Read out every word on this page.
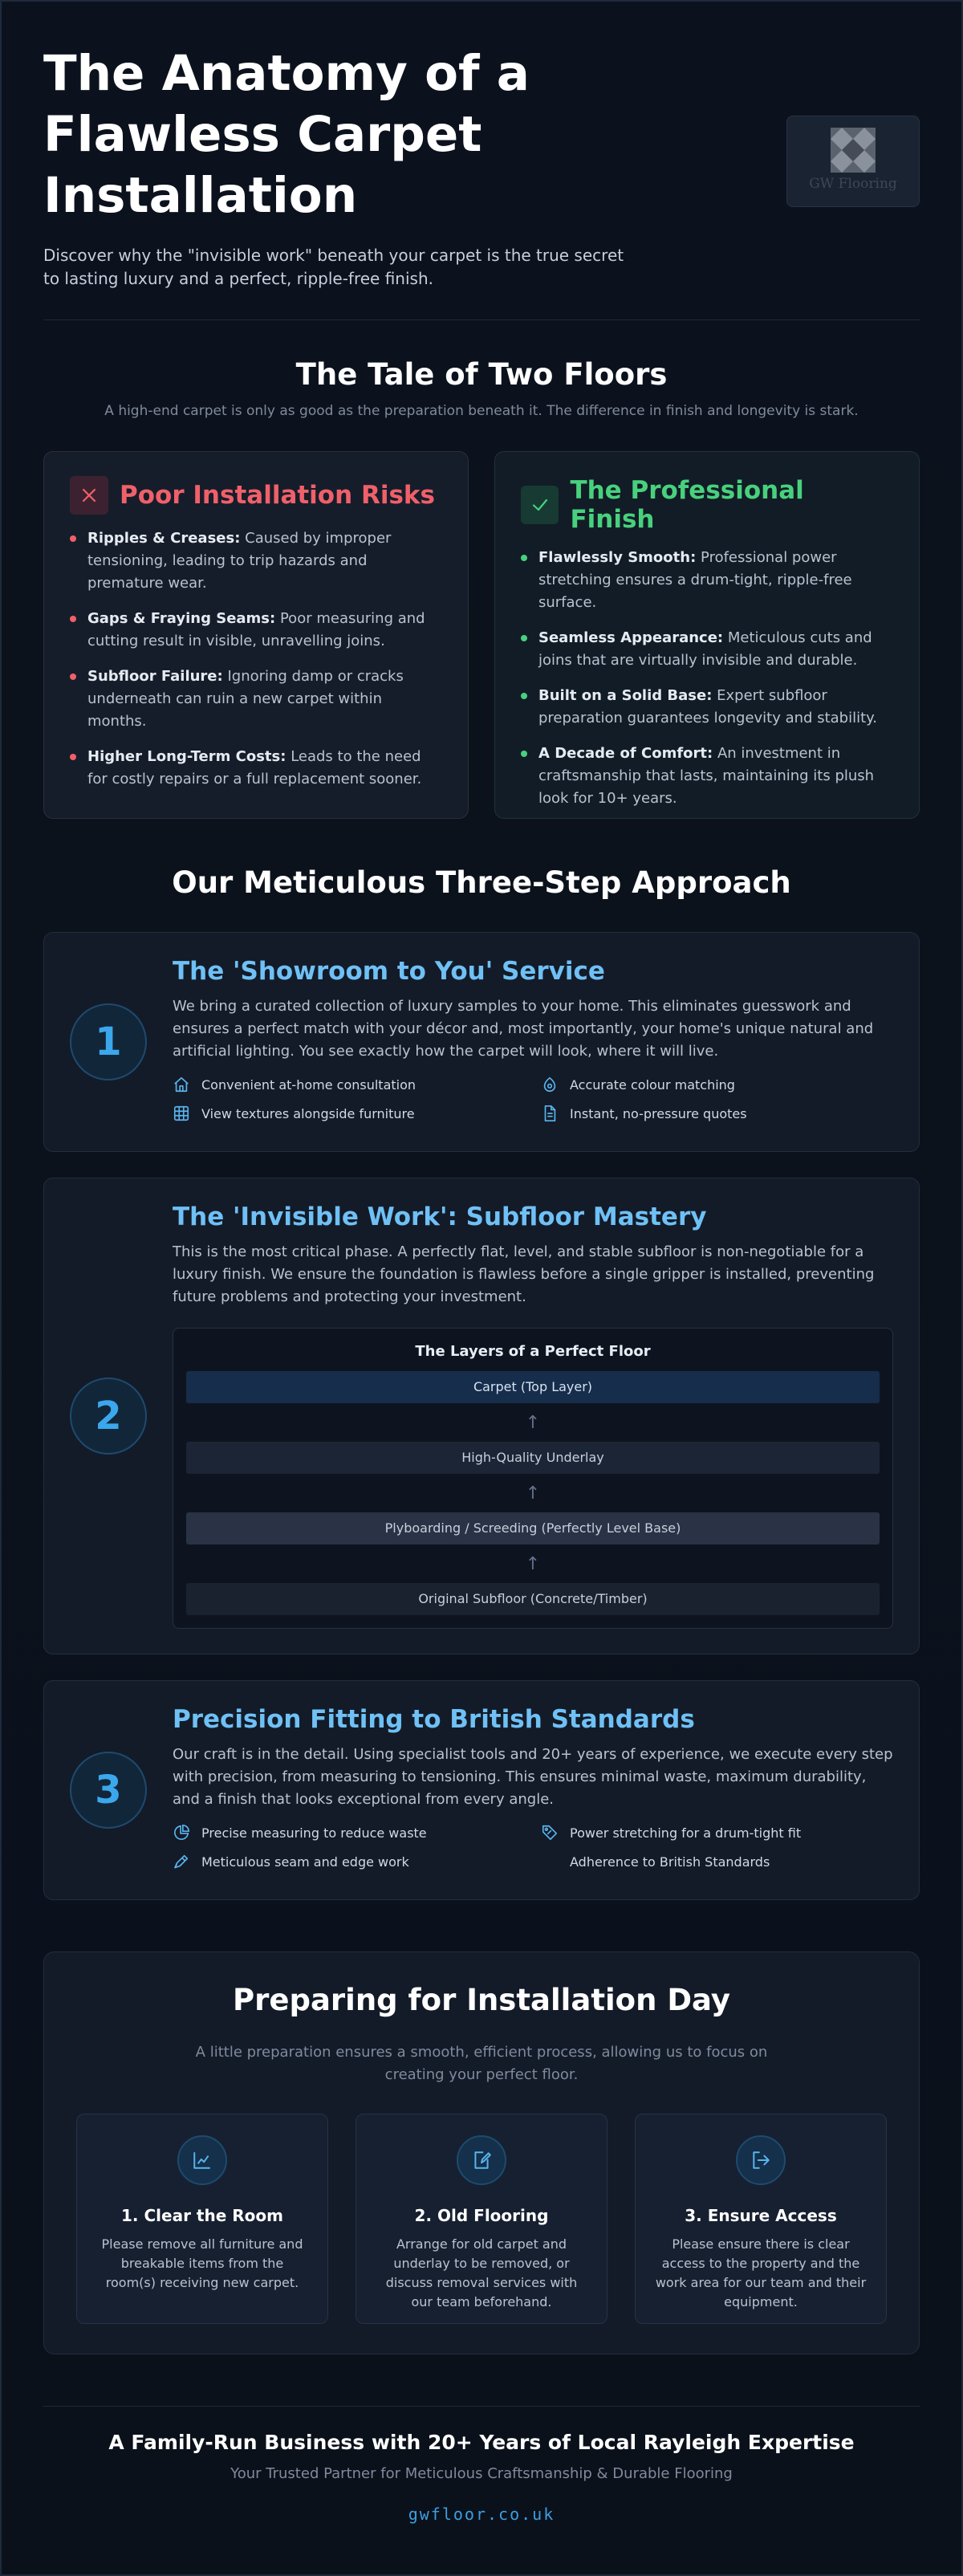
The Anatomy of a
Flawless Carpet
Installation

Discover why the "invisible work" beneath your carpet is the true secret to lasting luxury and a perfect, ripple-free finish.

GW Flooring
The Tale of Two Floors

A high-end carpet is only as good as the preparation beneath it. The difference in finish and longevity is stark.

Poor Installation Risks
Ripples & Creases: Caused by improper tensioning, leading to trip hazards and premature wear.
Gaps & Fraying Seams: Poor measuring and cutting result in visible, unravelling joins.
Subfloor Failure: Ignoring damp or cracks underneath can ruin a new carpet within months.
Higher Long-Term Costs: Leads to the need for costly repairs or a full replacement sooner.
The Professional Finish
Flawlessly Smooth: Professional power stretching ensures a drum-tight, ripple-free surface.
Seamless Appearance: Meticulous cuts and joins that are virtually invisible and durable.
Built on a Solid Base: Expert subfloor preparation guarantees longevity and stability.
A Decade of Comfort: An investment in craftsmanship that lasts, maintaining its plush look for 10+ years.
Our Meticulous Three-Step Approach
1
The 'Showroom to You' Service

We bring a curated collection of luxury samples to your home. This eliminates guesswork and ensures a perfect match with your décor and, most importantly, your home's unique natural and artificial lighting. You see exactly how the carpet will look, where it will live.

Convenient at-home consultation	Accurate colour matching
View textures alongside furniture	Instant, no-pressure quotes
2
The 'Invisible Work': Subfloor Mastery

This is the most critical phase. A perfectly flat, level, and stable subfloor is non-negotiable for a luxury finish. We ensure the foundation is flawless before a single gripper is installed, preventing future problems and protecting your investment.

The Layers of a Perfect Floor
Carpet (Top Layer)
↑
High-Quality Underlay
↑
Plyboarding / Screeding (Perfectly Level Base)
↑
Original Subfloor (Concrete/Timber)
3
Precision Fitting to British Standards

Our craft is in the detail. Using specialist tools and 20+ years of experience, we execute every step with precision, from measuring to tensioning. This ensures minimal waste, maximum durability, and a finish that looks exceptional from every angle.

Precise measuring to reduce waste	Power stretching for a drum-tight fit
Meticulous seam and edge work	Adherence to British Standards
Preparing for Installation Day

A little preparation ensures a smooth, efficient process, allowing us to focus on creating your perfect floor.

1. Clear the Room

Please remove all furniture and breakable items from the room(s) receiving new carpet.

2. Old Flooring

Arrange for old carpet and underlay to be removed, or discuss removal services with our team beforehand.

3. Ensure Access

Please ensure there is clear access to the property and the work area for our team and their equipment.

A Family-Run Business with 20+ Years of Local Rayleigh Expertise

Your Trusted Partner for Meticulous Craftsmanship & Durable Flooring

gwfloor.co.uk
